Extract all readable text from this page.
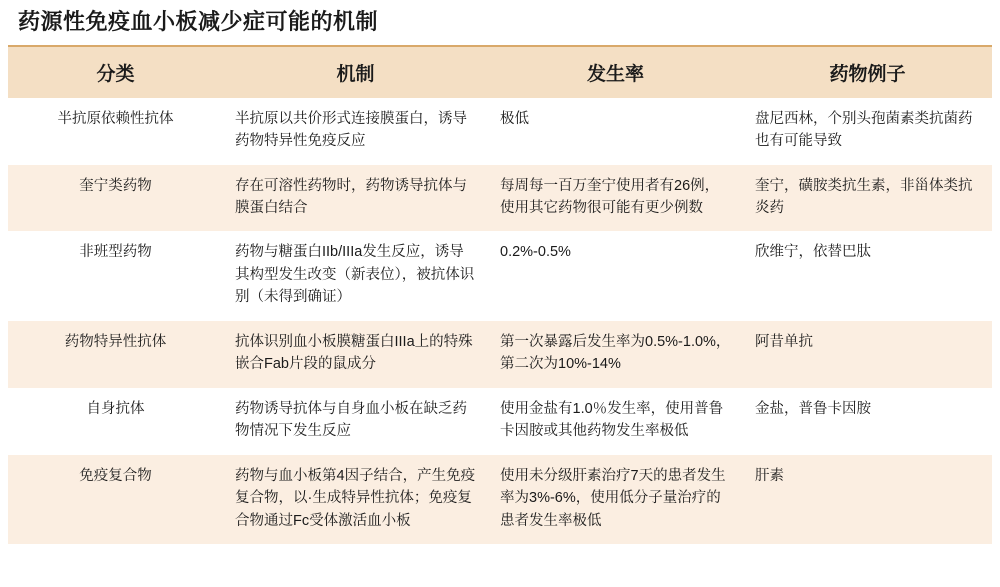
药源性免疫血小板减少症可能的机制
分类	机制	发生率	药物例子
半抗原依赖性抗体	半抗原以共价形式连接膜蛋白，诱导药物特异性免疫反应	极低	盘尼西林，个别头孢菌素类抗菌药也有可能导致
奎宁类药物	存在可溶性药物时，药物诱导抗体与膜蛋白结合	每周每一百万奎宁使用者有26例，使用其它药物很可能有更少例数	奎宁，磺胺类抗生素，非甾体类抗炎药
非班型药物	药物与糖蛋白IIb/IIIa发生反应，诱导其构型发生改变（新表位），被抗体识别（未得到确证）	0.2%-0.5%	欣维宁，依替巴肽
药物特异性抗体	抗体识别血小板膜糖蛋白IIIa上的特殊嵌合Fab片段的鼠成分	第一次暴露后发生率为0.5%-1.0%，第二次为10%-14%	阿昔单抗
自身抗体	药物诱导抗体与自身血小板在缺乏药物情况下发生反应	使用金盐有1.0％发生率，使用普鲁卡因胺或其他药物发生率极低	金盐，普鲁卡因胺
免疫复合物	药物与血小板第4因子结合，产生免疫复合物，以·生成特异性抗体；免疫复合物通过Fc受体激活血小板	使用未分级肝素治疗7天的患者发生率为3%-6%，使用低分子量治疗的患者发生率极低	肝素
